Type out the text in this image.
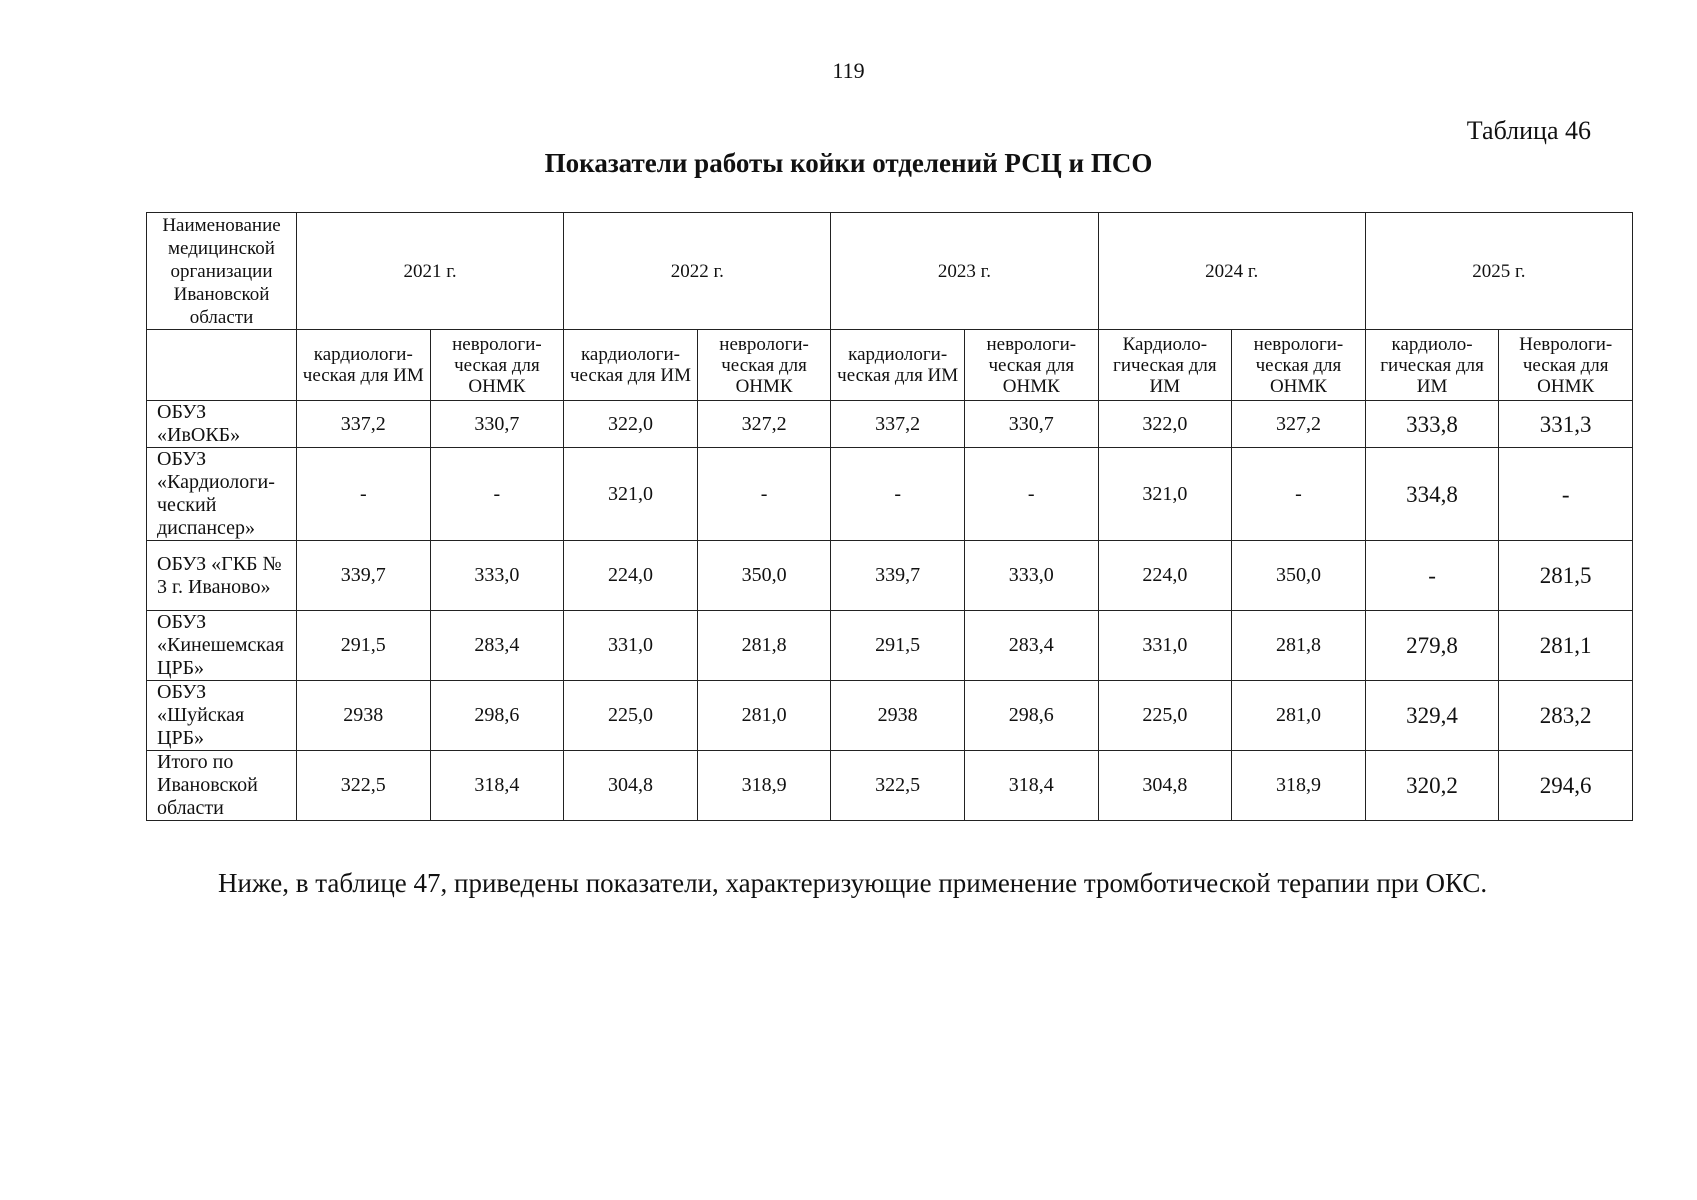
119
Таблица 46
Показатели работы койки отделений РСЦ и ПСО
Наименование медицинской организации Ивановской области	2021 г.		2022 г.		2023 г.		2024 г.		2025 г.	
	кардиологи-ческая для ИМ	неврологи-ческая для ОНМК	кардиологи-ческая для ИМ	неврологи-ческая для ОНМК	кардиологи-ческая для ИМ	неврологи-ческая для ОНМК	Кардиоло-гическая для ИМ	неврологи-ческая для ОНМК	кардиоло-гическая для ИМ	Неврологи-ческая для ОНМК
ОБУЗ «ИвОКБ»	337,2	330,7	322,0	327,2	337,2	330,7	322,0	327,2	333,8	331,3
ОБУЗ «Кардиологи-ческий диспансер»	-	-	321,0	-	-	-	321,0	-	334,8	-
ОБУЗ «ГКБ № 3 г. Иваново»	339,7	333,0	224,0	350,0	339,7	333,0	224,0	350,0	-	281,5
ОБУЗ «Кинешемская ЦРБ»	291,5	283,4	331,0	281,8	291,5	283,4	331,0	281,8	279,8	281,1
ОБУЗ «Шуйская ЦРБ»	2938	298,6	225,0	281,0	2938	298,6	225,0	281,0	329,4	283,2
Итого по Ивановской области	322,5	318,4	304,8	318,9	322,5	318,4	304,8	318,9	320,2	294,6
Ниже, в таблице 47, приведены показатели, характеризующие применение тромботической терапии при ОКС.
